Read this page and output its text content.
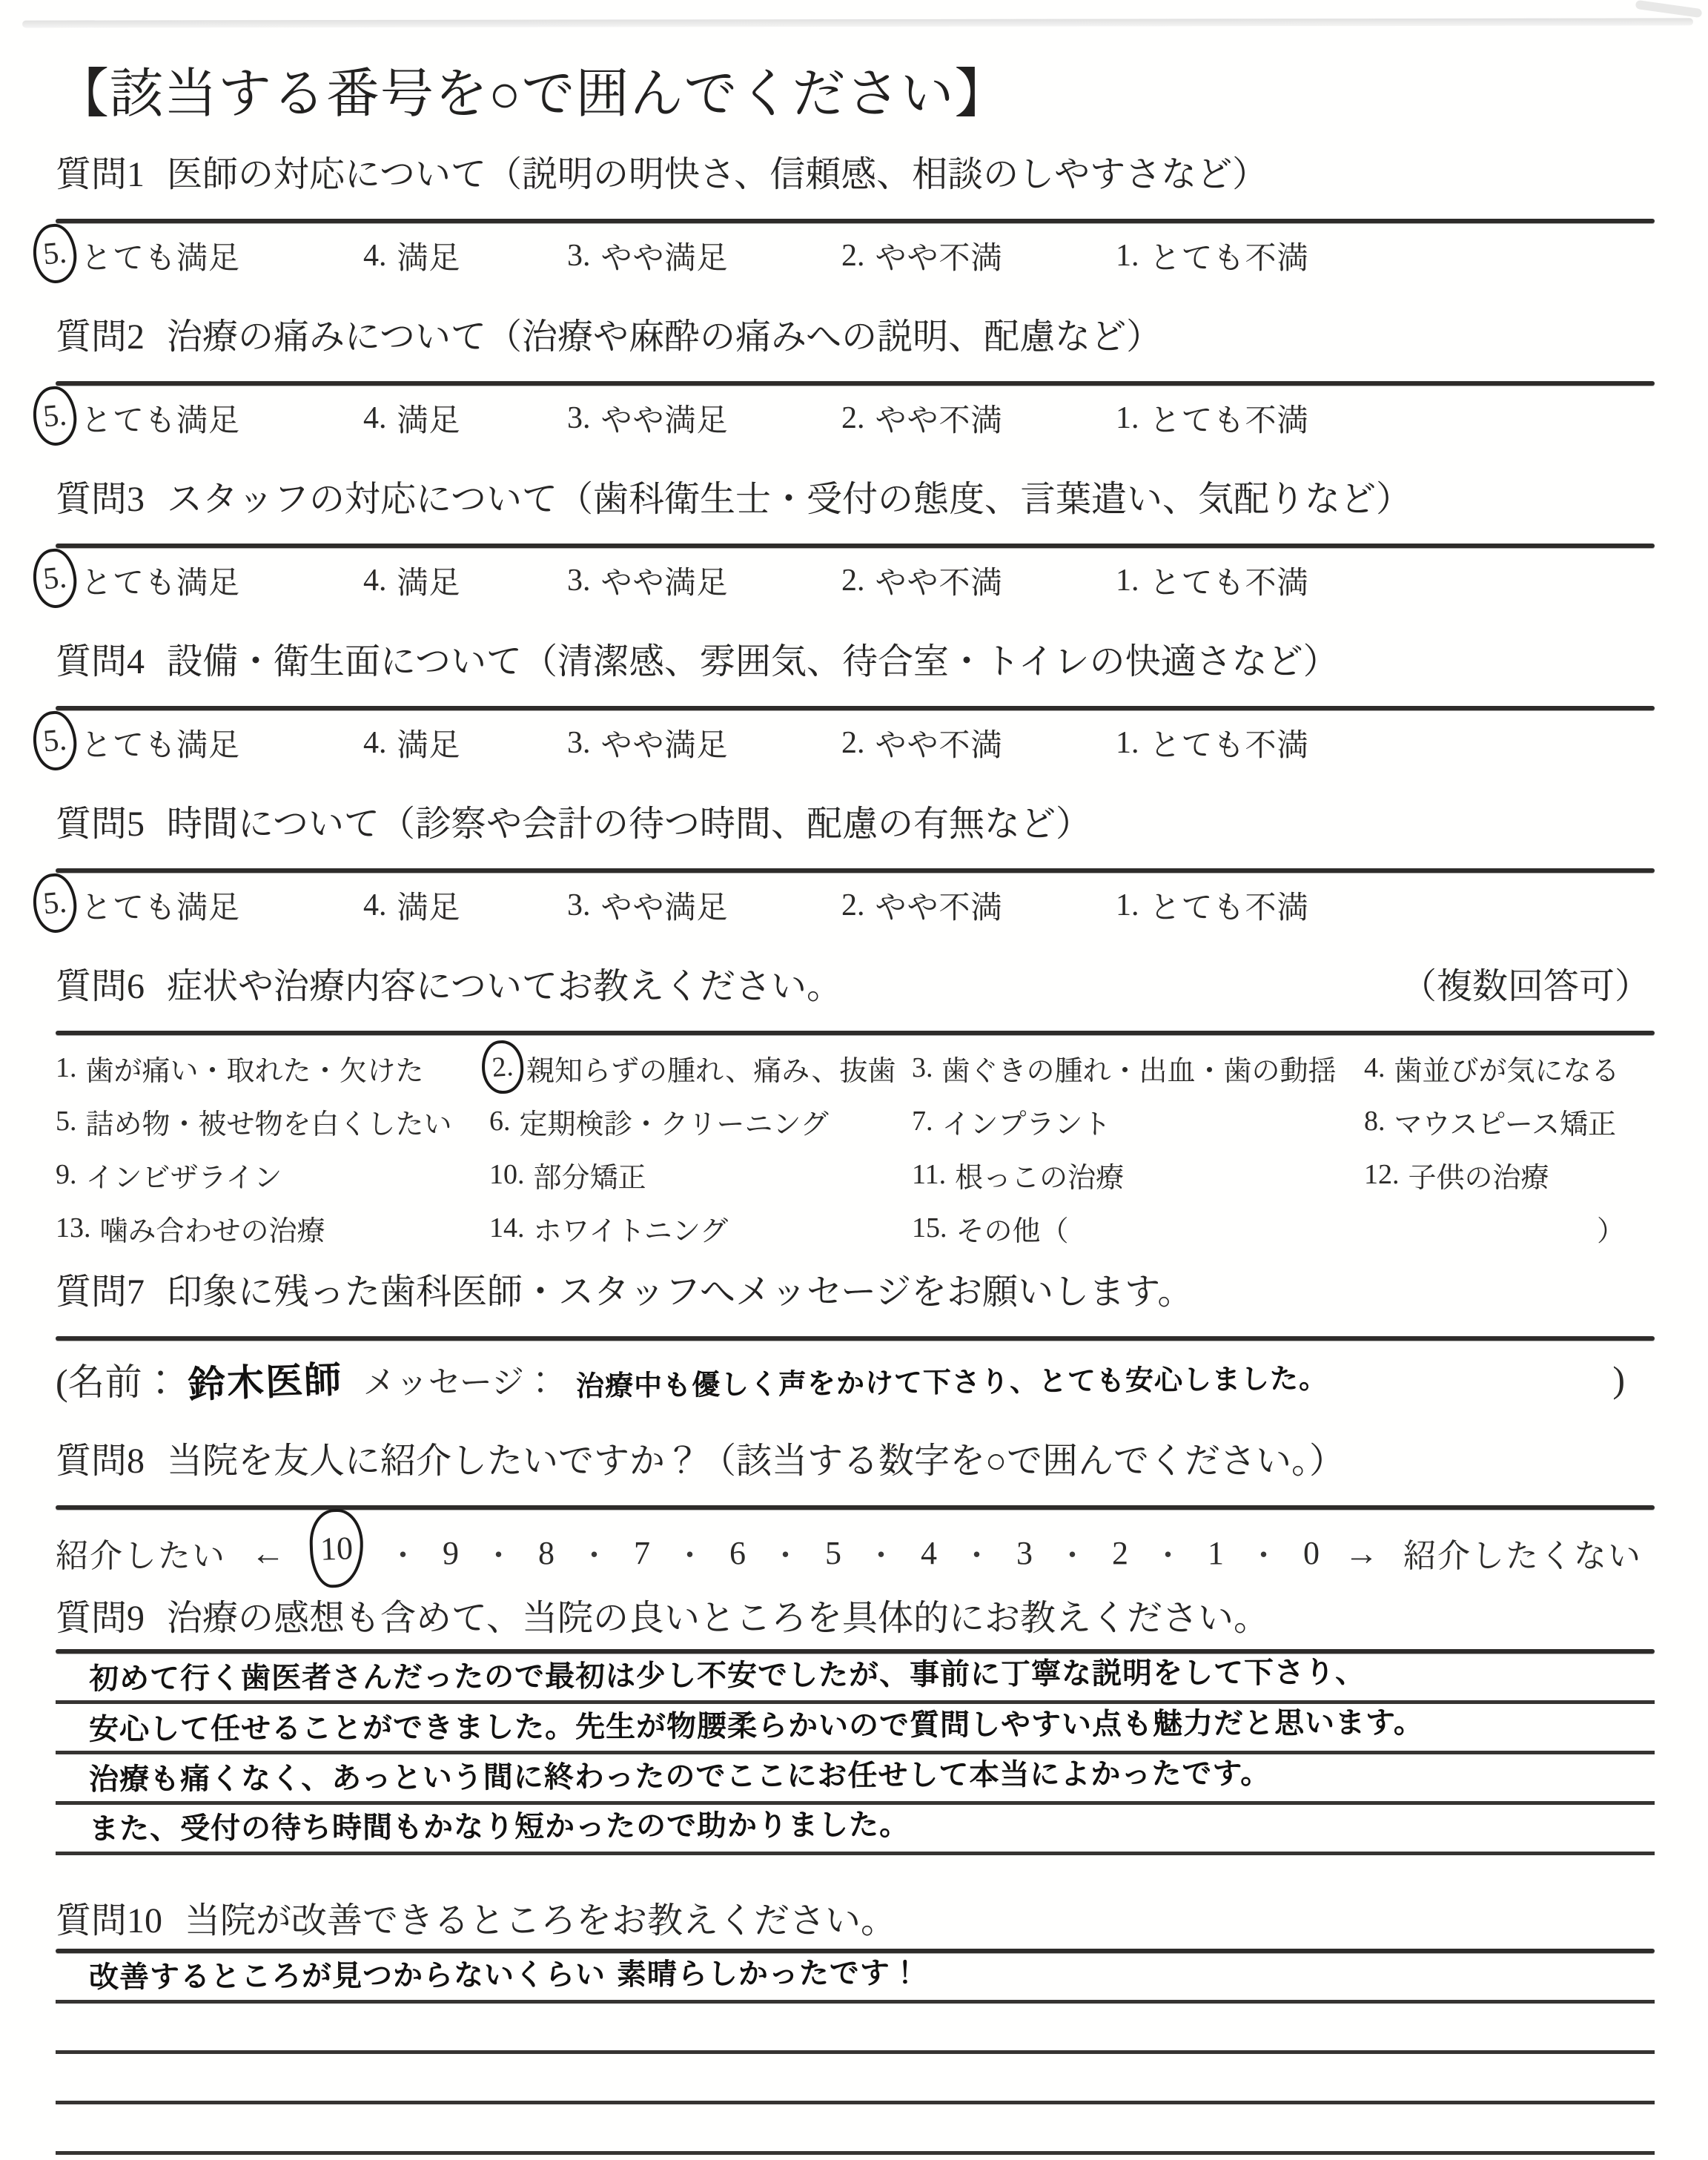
【該当する番号を○で囲んでください】
質問1 医師の対応について（説明の明快さ、信頼感、相談のしやすさなど）
5. とても満足	4. 満足	3. やや満足	2. やや不満	1. とても不満
質問2 治療の痛みについて（治療や麻酔の痛みへの説明、配慮など）
5. とても満足	4. 満足	3. やや満足	2. やや不満	1. とても不満
質問3 スタッフの対応について（歯科衛生士・受付の態度、言葉遣い、気配りなど）
5. とても満足	4. 満足	3. やや満足	2. やや不満	1. とても不満
質問4 設備・衛生面について（清潔感、雰囲気、待合室・トイレの快適さなど）
5. とても満足	4. 満足	3. やや満足	2. やや不満	1. とても不満
質問5 時間について（診察や会計の待つ時間、配慮の有無など）
5. とても満足	4. 満足	3. やや満足	2. やや不満	1. とても不満
質問6 症状や治療内容についてお教えください。	（複数回答可）
1. 歯が痛い・取れた・欠けた 2. 親知らずの腫れ、痛み、抜歯 3. 歯ぐきの腫れ・出血・歯の動揺 4. 歯並びが気になる
5. 詰め物・被せ物を白くしたい 6. 定期検診・クリーニング	7. インプラント	8. マウスピース矯正
9. インビザライン	10. 部分矯正	11. 根っこの治療	12. 子供の治療
13. 噛み合わせの治療	14. ホワイトニング	15. その他（	）
質問7 印象に残った歯科医師・スタッフへメッセージをお願いします。
(名前： 鈴木医師 メッセージ： 治療中も優しく声をかけて下さり、とても安心しました。	)
質問8 当院を友人に紹介したいですか？（該当する数字を○で囲んでください。）
紹介したい ← 10 ・ 9 ・ 8 ・ 7 ・ 6 ・ 5 ・ 4 ・ 3 ・ 2 ・ 1 ・ 0 → 紹介したくない
質問9 治療の感想も含めて、当院の良いところを具体的にお教えください。
初めて行く歯医者さんだったので最初は少し不安でしたが、事前に丁寧な説明をして下さり、
安心して任せることができました。先生が物腰柔らかいので質問しやすい点も魅力だと思います。
治療も痛くなく、あっという間に終わったのでここにお任せして本当によかったです。
また、受付の待ち時間もかなり短かったので助かりました。
質問10 当院が改善できるところをお教えください。
改善するところが見つからないくらい 素晴らしかったです！
